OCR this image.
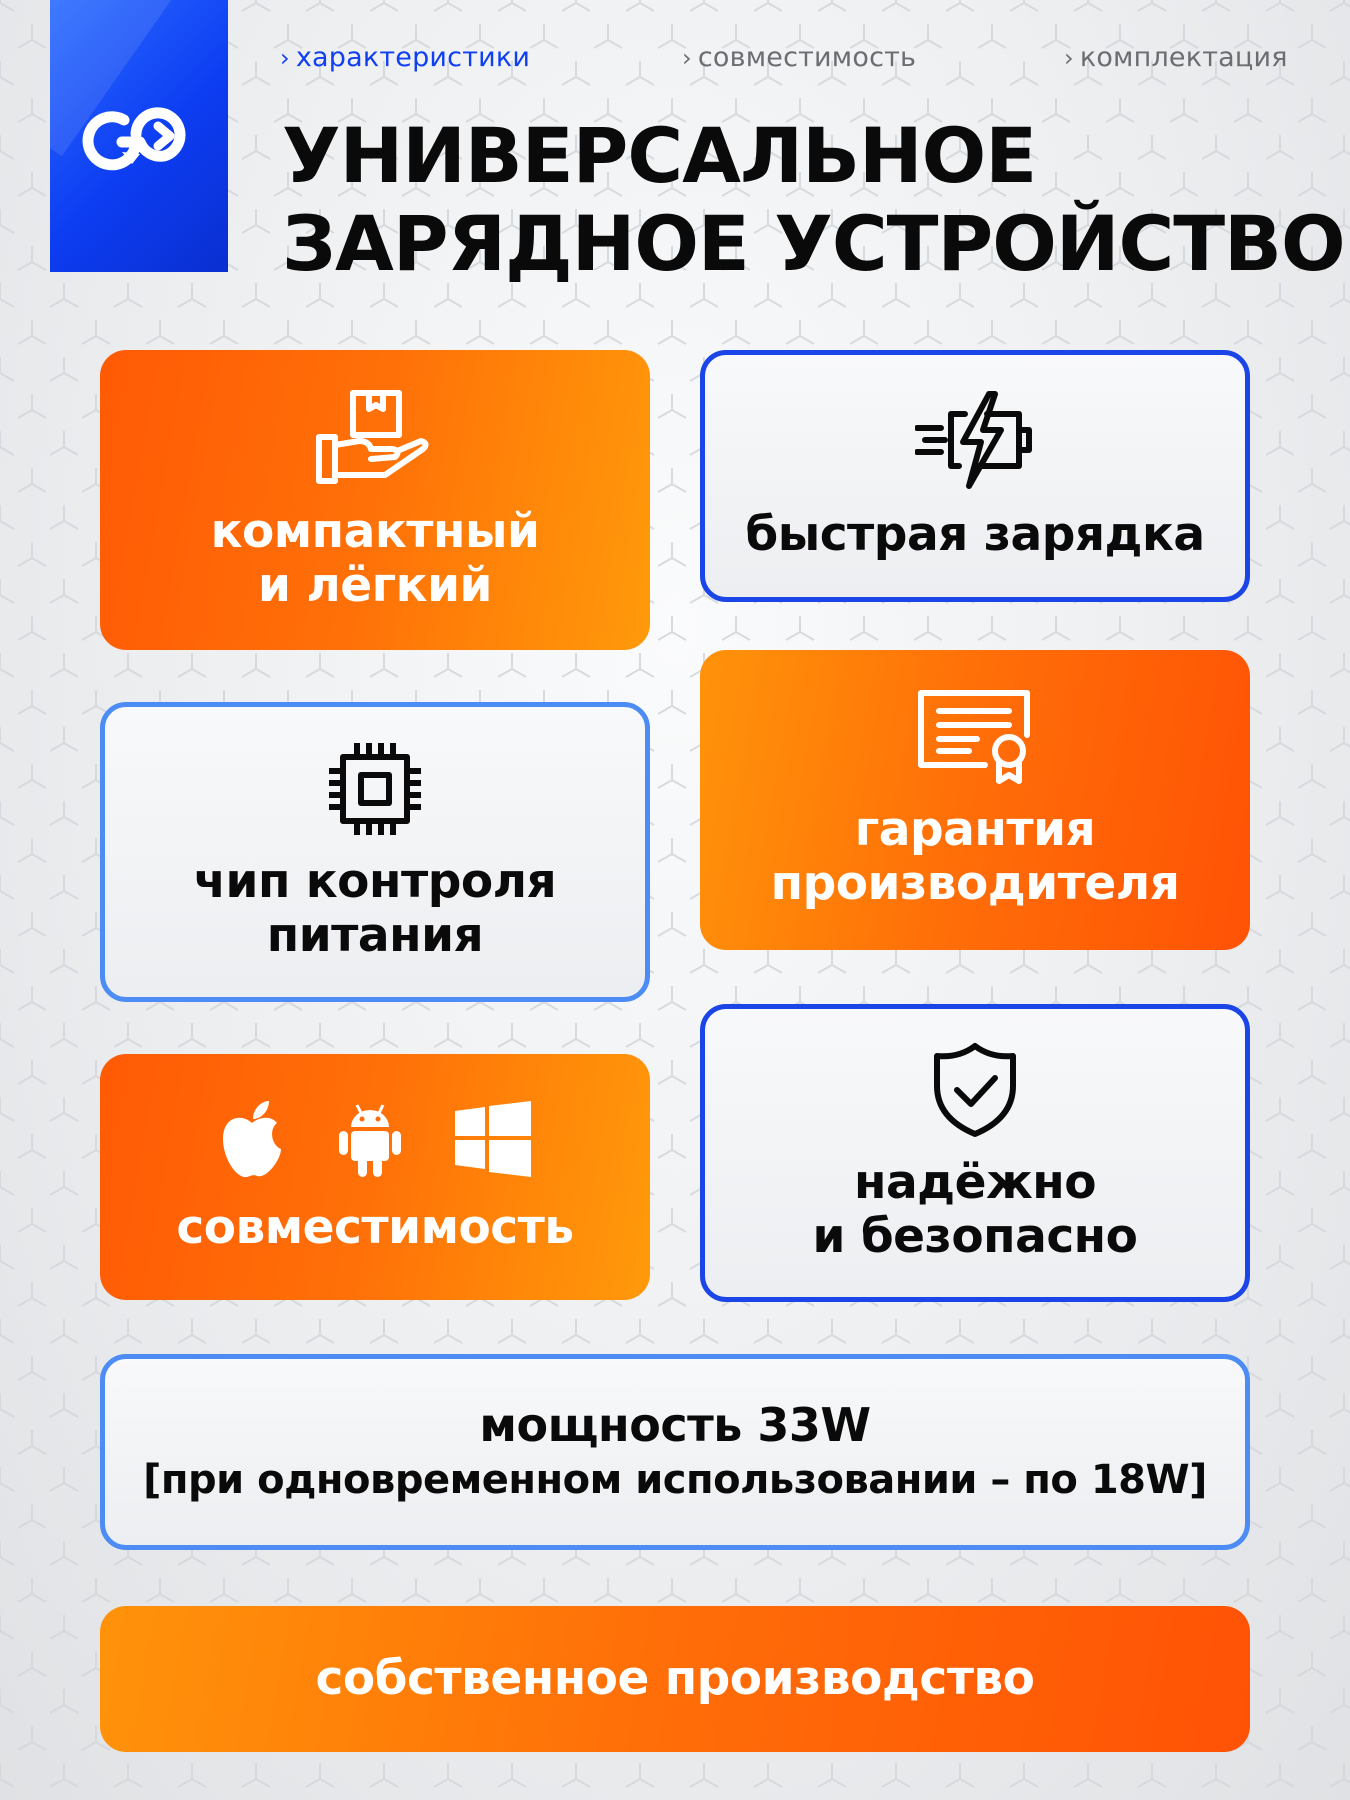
› характеристики	› совместимость	› комплектация
УНИВЕРСАЛЬНОЕ
ЗАРЯДНОЕ УСТРОЙСТВО
компактный
и лёгкий
быстрая зарядка
чип контроля
питания
гарантия
производителя
совместимость
надёжно
и безопасно
мощность 33W
[при одновременном использовании – по 18W]
собственное производство
